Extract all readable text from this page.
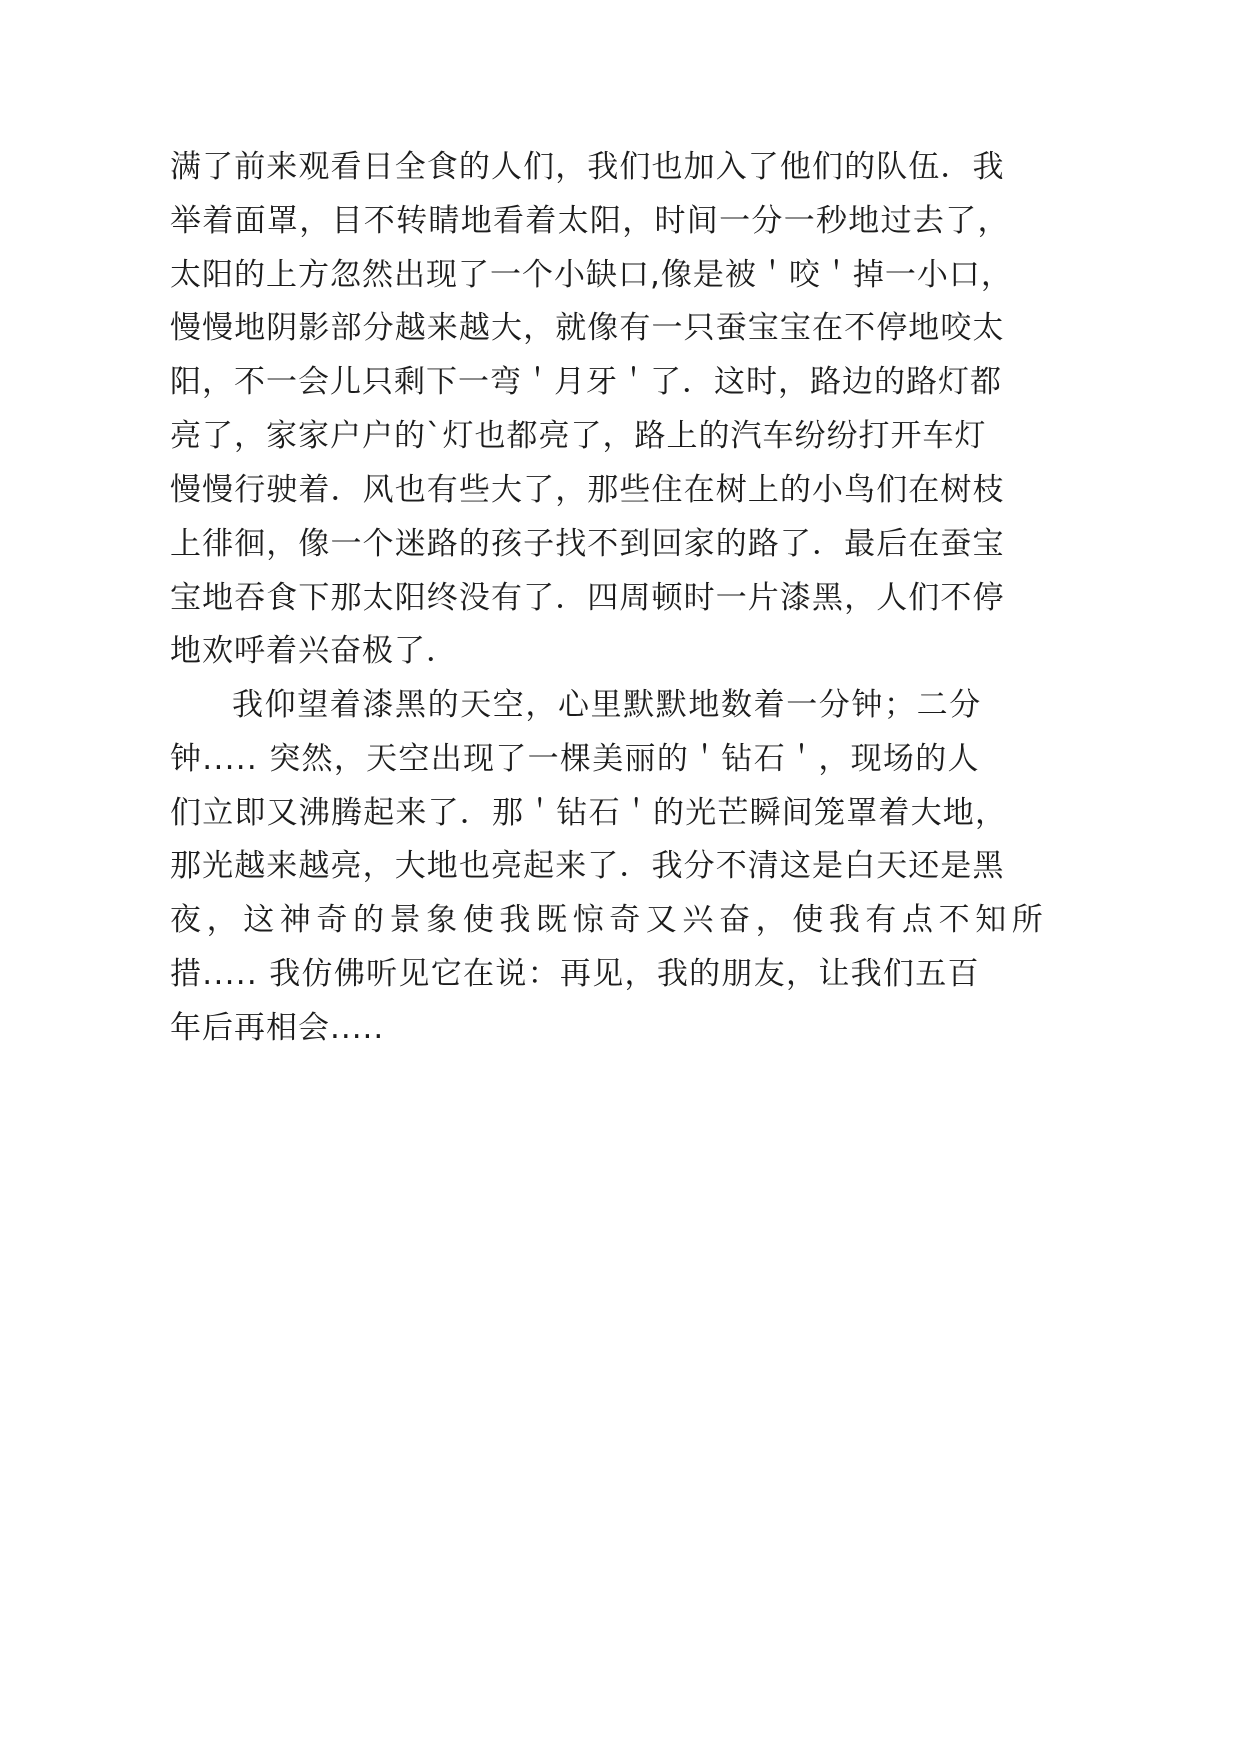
满了前来观看日全食的人们，我们也加入了他们的队伍．我
举着面罩，目不转睛地看着太阳，时间一分一秒地过去了，
太阳的上方忽然出现了一个小缺口,像是被＇咬＇掉一小口，
慢慢地阴影部分越来越大，就像有一只蚕宝宝在不停地咬太
阳，不一会儿只剩下一弯＇月牙＇了．这时，路边的路灯都
亮了，家家户户的`灯也都亮了，路上的汽车纷纷打开车灯
慢慢行驶着．风也有些大了，那些住在树上的小鸟们在树枝
上徘徊，像一个迷路的孩子找不到回家的路了．最后在蚕宝
宝地吞食下那太阳终没有了．四周顿时一片漆黑，人们不停
地欢呼着兴奋极了．
我仰望着漆黑的天空，心里默默地数着一分钟；二分
钟..... 突然，天空出现了一棵美丽的＇钻石＇，现场的人
们立即又沸腾起来了．那＇钻石＇的光芒瞬间笼罩着大地，
那光越来越亮，大地也亮起来了．我分不清这是白天还是黑
夜，这神奇的景象使我既惊奇又兴奋，使我有点不知所
措..... 我仿佛听见它在说：再见，我的朋友，让我们五百
年后再相会.....
